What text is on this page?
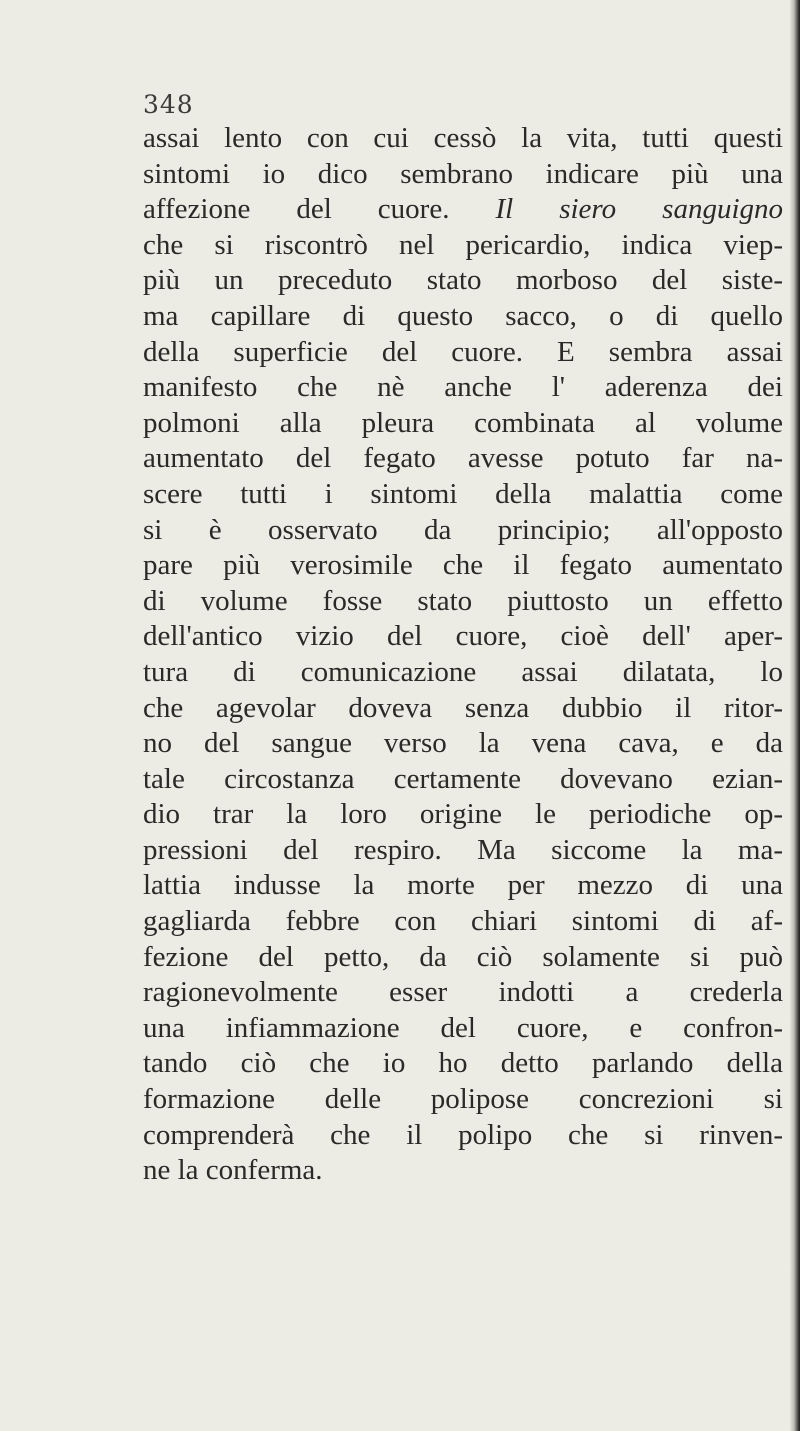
348
assai lento con cui cessò la vita, tutti questi
sintomi io dico sembrano indicare più una
affezione del cuore. Il siero sanguigno
che si riscontrò nel pericardio, indica viep-
più un preceduto stato morboso del siste-
ma capillare di questo sacco, o di quello
della superficie del cuore. E sembra assai
manifesto che nè anche l' aderenza dei
polmoni alla pleura combinata al volume
aumentato del fegato avesse potuto far na-
scere tutti i sintomi della malattia come
si è osservato da principio; all'opposto
pare più verosimile che il fegato aumentato
di volume fosse stato piuttosto un effetto
dell'antico vizio del cuore, cioè dell' aper-
tura di comunicazione assai dilatata, lo
che agevolar doveva senza dubbio il ritor-
no del sangue verso la vena cava, e da
tale circostanza certamente dovevano ezian-
dio trar la loro origine le periodiche op-
pressioni del respiro. Ma siccome la ma-
lattia indusse la morte per mezzo di una
gagliarda febbre con chiari sintomi di af-
fezione del petto, da ciò solamente si può
ragionevolmente esser indotti a crederla
una infiammazione del cuore, e confron-
tando ciò che io ho detto parlando della
formazione delle polipose concrezioni si
comprenderà che il polipo che si rinven-
ne la conferma.
